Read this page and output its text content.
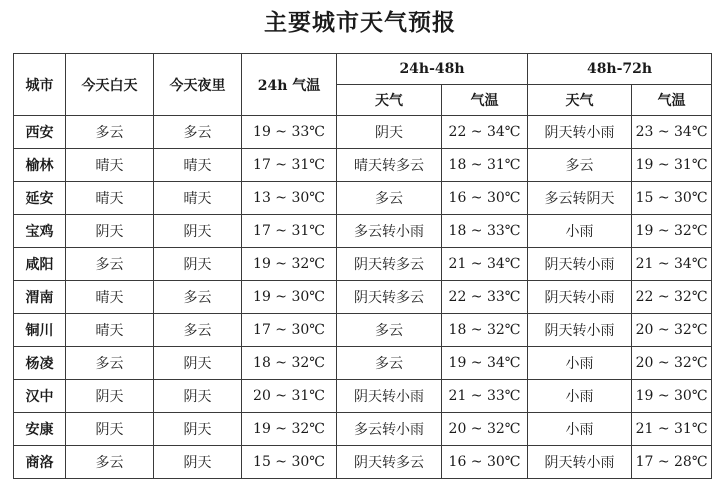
主要城市天气预报
城市	今天白天	今天夜里	24h 气温	24h-48h		48h-72h	
				天气	气温	天气	气温
西安	多云	多云	19 ~ 33℃	阴天	22 ~ 34℃	阴天转小雨	23 ~ 34℃
榆林	晴天	晴天	17 ~ 31℃	晴天转多云	18 ~ 31℃	多云	19 ~ 31℃
延安	晴天	晴天	13 ~ 30℃	多云	16 ~ 30℃	多云转阴天	15 ~ 30℃
宝鸡	阴天	阴天	17 ~ 31℃	多云转小雨	18 ~ 33℃	小雨	19 ~ 32℃
咸阳	多云	阴天	19 ~ 32℃	阴天转多云	21 ~ 34℃	阴天转小雨	21 ~ 34℃
渭南	晴天	多云	19 ~ 30℃	阴天转多云	22 ~ 33℃	阴天转小雨	22 ~ 32℃
铜川	晴天	多云	17 ~ 30℃	多云	18 ~ 32℃	阴天转小雨	20 ~ 32℃
杨凌	多云	阴天	18 ~ 32℃	多云	19 ~ 34℃	小雨	20 ~ 32℃
汉中	阴天	阴天	20 ~ 31℃	阴天转小雨	21 ~ 33℃	小雨	19 ~ 30℃
安康	阴天	阴天	19 ~ 32℃	多云转小雨	20 ~ 32℃	小雨	21 ~ 31℃
商洛	多云	阴天	15 ~ 30℃	阴天转多云	16 ~ 30℃	阴天转小雨	17 ~ 28℃
